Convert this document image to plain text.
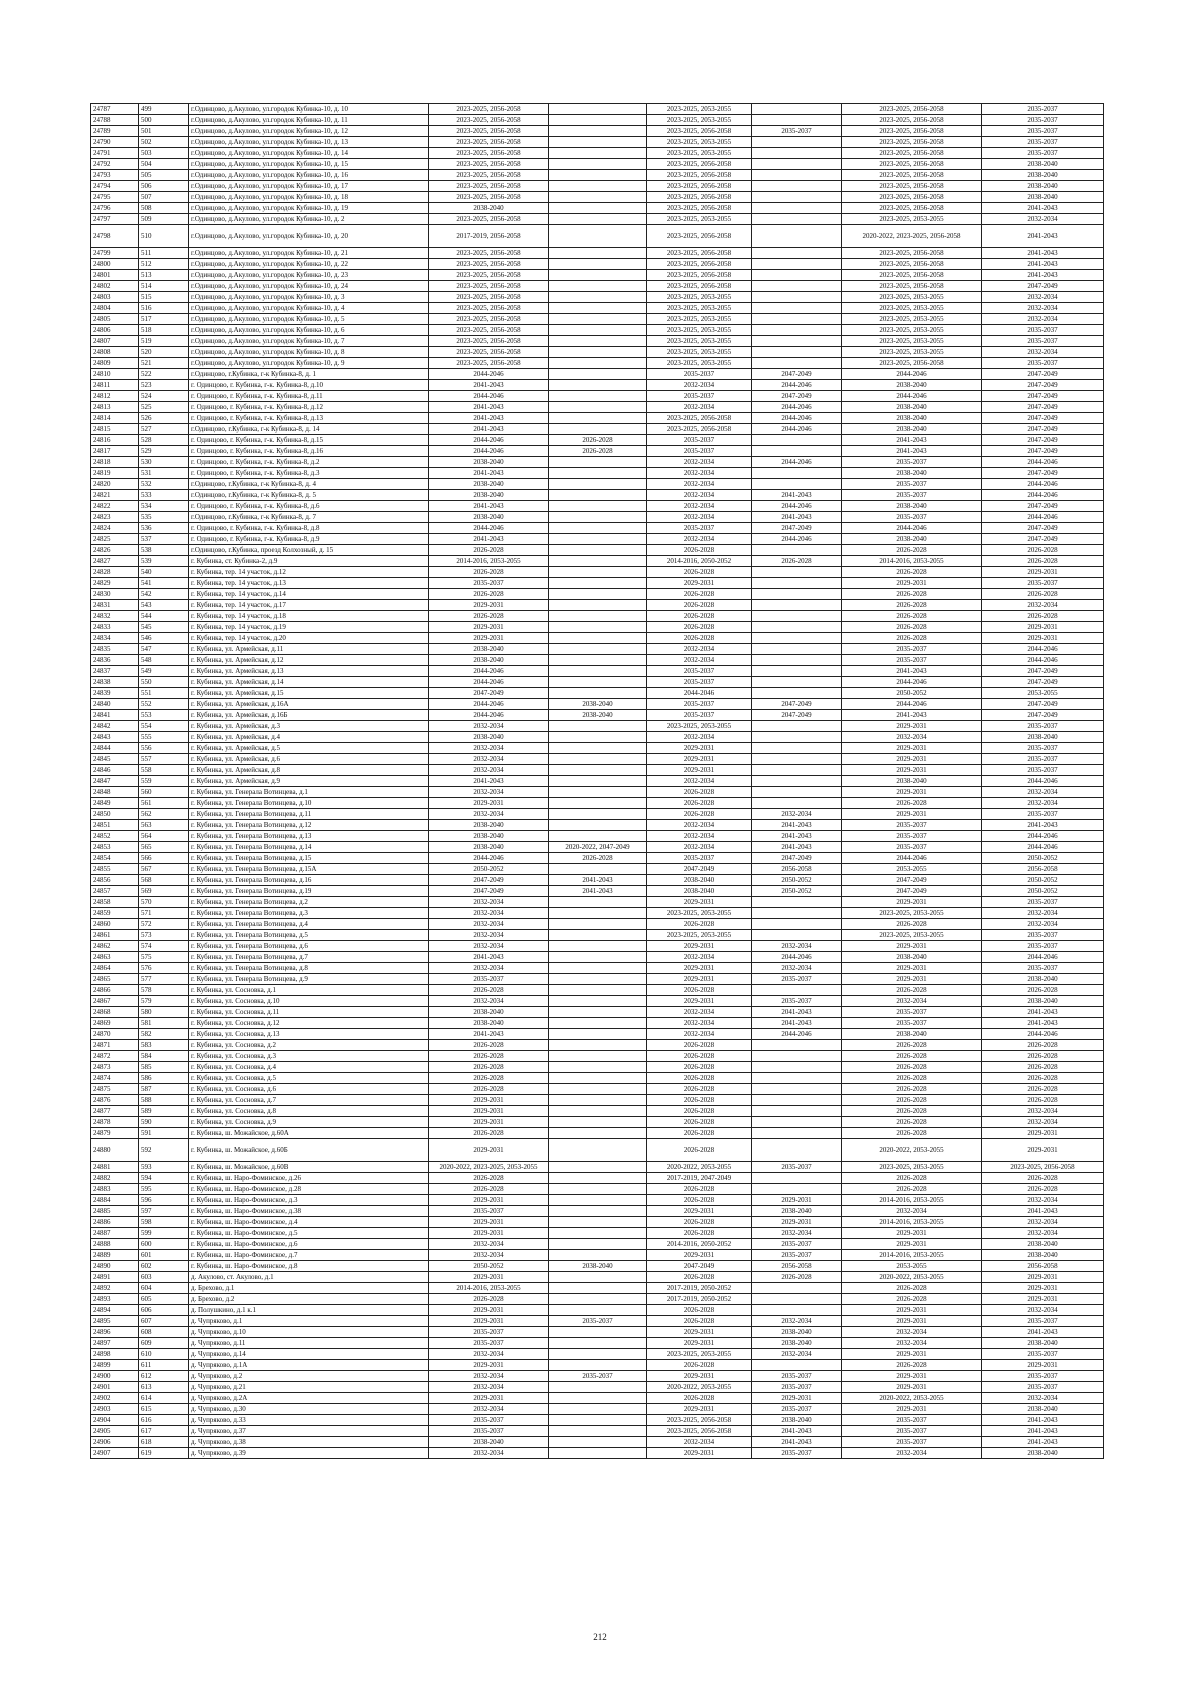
24787	499	г.Одинцово, д.Акулово, ул.городок Кубинка-10, д. 10	2023-2025, 2056-2058		2023-2025, 2053-2055		2023-2025, 2056-2058	2035-2037
24788	500	г.Одинцово, д.Акулово, ул.городок Кубинка-10, д. 11	2023-2025, 2056-2058		2023-2025, 2053-2055		2023-2025, 2056-2058	2035-2037
24789	501	г.Одинцово, д.Акулово, ул.городок Кубинка-10, д. 12	2023-2025, 2056-2058		2023-2025, 2056-2058	2035-2037	2023-2025, 2056-2058	2035-2037
24790	502	г.Одинцово, д.Акулово, ул.городок Кубинка-10, д. 13	2023-2025, 2056-2058		2023-2025, 2053-2055		2023-2025, 2056-2058	2035-2037
24791	503	г.Одинцово, д.Акулово, ул.городок Кубинка-10, д. 14	2023-2025, 2056-2058		2023-2025, 2053-2055		2023-2025, 2056-2058	2035-2037
24792	504	г.Одинцово, д.Акулово, ул.городок Кубинка-10, д. 15	2023-2025, 2056-2058		2023-2025, 2056-2058		2023-2025, 2056-2058	2038-2040
24793	505	г.Одинцово, д.Акулово, ул.городок Кубинка-10, д. 16	2023-2025, 2056-2058		2023-2025, 2056-2058		2023-2025, 2056-2058	2038-2040
24794	506	г.Одинцово, д.Акулово, ул.городок Кубинка-10, д. 17	2023-2025, 2056-2058		2023-2025, 2056-2058		2023-2025, 2056-2058	2038-2040
24795	507	г.Одинцово, д.Акулово, ул.городок Кубинка-10, д. 18	2023-2025, 2056-2058		2023-2025, 2056-2058		2023-2025, 2056-2058	2038-2040
24796	508	г.Одинцово, д.Акулово, ул.городок Кубинка-10, д. 19	2038-2040		2023-2025, 2056-2058		2023-2025, 2056-2058	2041-2043
24797	509	г.Одинцово, д.Акулово, ул.городок Кубинка-10, д. 2	2023-2025, 2056-2058		2023-2025, 2053-2055		2023-2025, 2053-2055	2032-2034
24798	510	г.Одинцово, д.Акулово, ул.городок Кубинка-10, д. 20	2017-2019, 2056-2058		2023-2025, 2056-2058		2020-2022, 2023-2025, 2056-2058	2041-2043
24799	511	г.Одинцово, д.Акулово, ул.городок Кубинка-10, д. 21	2023-2025, 2056-2058		2023-2025, 2056-2058		2023-2025, 2056-2058	2041-2043
24800	512	г.Одинцово, д.Акулово, ул.городок Кубинка-10, д. 22	2023-2025, 2056-2058		2023-2025, 2056-2058		2023-2025, 2056-2058	2041-2043
24801	513	г.Одинцово, д.Акулово, ул.городок Кубинка-10, д. 23	2023-2025, 2056-2058		2023-2025, 2056-2058		2023-2025, 2056-2058	2041-2043
24802	514	г.Одинцово, д.Акулово, ул.городок Кубинка-10, д. 24	2023-2025, 2056-2058		2023-2025, 2056-2058		2023-2025, 2056-2058	2047-2049
24803	515	г.Одинцово, д.Акулово, ул.городок Кубинка-10, д. 3	2023-2025, 2056-2058		2023-2025, 2053-2055		2023-2025, 2053-2055	2032-2034
24804	516	г.Одинцово, д.Акулово, ул.городок Кубинка-10, д. 4	2023-2025, 2056-2058		2023-2025, 2053-2055		2023-2025, 2053-2055	2032-2034
24805	517	г.Одинцово, д.Акулово, ул.городок Кубинка-10, д. 5	2023-2025, 2056-2058		2023-2025, 2053-2055		2023-2025, 2053-2055	2032-2034
24806	518	г.Одинцово, д.Акулово, ул.городок Кубинка-10, д. 6	2023-2025, 2056-2058		2023-2025, 2053-2055		2023-2025, 2053-2055	2035-2037
24807	519	г.Одинцово, д.Акулово, ул.городок Кубинка-10, д. 7	2023-2025, 2056-2058		2023-2025, 2053-2055		2023-2025, 2053-2055	2035-2037
24808	520	г.Одинцово, д.Акулово, ул.городок Кубинка-10, д. 8	2023-2025, 2056-2058		2023-2025, 2053-2055		2023-2025, 2053-2055	2032-2034
24809	521	г.Одинцово, д.Акулово, ул.городок Кубинка-10, д. 9	2023-2025, 2056-2058		2023-2025, 2053-2055		2023-2025, 2056-2058	2035-2037
24810	522	г.Одинцово, г.Кубинка, г-к Кубинка-8, д. 1	2044-2046		2035-2037	2047-2049	2044-2046	2047-2049
24811	523	г. Одинцово, г. Кубинка, г-к. Кубинка-8, д.10	2041-2043		2032-2034	2044-2046	2038-2040	2047-2049
24812	524	г. Одинцово, г. Кубинка, г-к. Кубинка-8, д.11	2044-2046		2035-2037	2047-2049	2044-2046	2047-2049
24813	525	г. Одинцово, г. Кубинка, г-к. Кубинка-8, д.12	2041-2043		2032-2034	2044-2046	2038-2040	2047-2049
24814	526	г. Одинцово, г. Кубинка, г-к. Кубинка-8, д.13	2041-2043		2023-2025, 2056-2058	2044-2046	2038-2040	2047-2049
24815	527	г.Одинцово, г.Кубинка, г-к Кубинка-8, д. 14	2041-2043		2023-2025, 2056-2058	2044-2046	2038-2040	2047-2049
24816	528	г. Одинцово, г. Кубинка, г-к. Кубинка-8, д.15	2044-2046	2026-2028	2035-2037		2041-2043	2047-2049
24817	529	г. Одинцово, г. Кубинка, г-к. Кубинка-8, д.16	2044-2046	2026-2028	2035-2037		2041-2043	2047-2049
24818	530	г. Одинцово, г. Кубинка, г-к. Кубинка-8, д.2	2038-2040		2032-2034	2044-2046	2035-2037	2044-2046
24819	531	г. Одинцово, г. Кубинка, г-к. Кубинка-8, д.3	2041-2043		2032-2034		2038-2040	2047-2049
24820	532	г.Одинцово, г.Кубинка, г-к Кубинка-8, д. 4	2038-2040		2032-2034		2035-2037	2044-2046
24821	533	г.Одинцово, г.Кубинка, г-к Кубинка-8, д. 5	2038-2040		2032-2034	2041-2043	2035-2037	2044-2046
24822	534	г. Одинцово, г. Кубинка, г-к. Кубинка-8, д.6	2041-2043		2032-2034	2044-2046	2038-2040	2047-2049
24823	535	г.Одинцово, г.Кубинка, г-к Кубинка-8, д. 7	2038-2040		2032-2034	2041-2043	2035-2037	2044-2046
24824	536	г. Одинцово, г. Кубинка, г-к. Кубинка-8, д.8	2044-2046		2035-2037	2047-2049	2044-2046	2047-2049
24825	537	г. Одинцово, г. Кубинка, г-к. Кубинка-8, д.9	2041-2043		2032-2034	2044-2046	2038-2040	2047-2049
24826	538	г.Одинцово, г.Кубинка, проезд Колхозный, д. 15	2026-2028		2026-2028		2026-2028	2026-2028
24827	539	г. Кубинка, ст. Кубинка-2, д.9	2014-2016, 2053-2055		2014-2016, 2050-2052	2026-2028	2014-2016, 2053-2055	2026-2028
24828	540	г. Кубинка, тер. 14 участок, д.12	2026-2028		2026-2028		2026-2028	2029-2031
24829	541	г. Кубинка, тер. 14 участок, д.13	2035-2037		2029-2031		2029-2031	2035-2037
24830	542	г. Кубинка, тер. 14 участок, д.14	2026-2028		2026-2028		2026-2028	2026-2028
24831	543	г. Кубинка, тер. 14 участок, д.17	2029-2031		2026-2028		2026-2028	2032-2034
24832	544	г. Кубинка, тер. 14 участок, д.18	2026-2028		2026-2028		2026-2028	2026-2028
24833	545	г. Кубинка, тер. 14 участок, д.19	2029-2031		2026-2028		2026-2028	2029-2031
24834	546	г. Кубинка, тер. 14 участок, д.20	2029-2031		2026-2028		2026-2028	2029-2031
24835	547	г. Кубинка, ул. Армейская, д.11	2038-2040		2032-2034		2035-2037	2044-2046
24836	548	г. Кубинка, ул. Армейская, д.12	2038-2040		2032-2034		2035-2037	2044-2046
24837	549	г. Кубинка, ул. Армейская, д.13	2044-2046		2035-2037		2041-2043	2047-2049
24838	550	г. Кубинка, ул. Армейская, д.14	2044-2046		2035-2037		2044-2046	2047-2049
24839	551	г. Кубинка, ул. Армейская, д.15	2047-2049		2044-2046		2050-2052	2053-2055
24840	552	г. Кубинка, ул. Армейская, д.16А	2044-2046	2038-2040	2035-2037	2047-2049	2044-2046	2047-2049
24841	553	г. Кубинка, ул. Армейская, д.16Б	2044-2046	2038-2040	2035-2037	2047-2049	2041-2043	2047-2049
24842	554	г. Кубинка, ул. Армейская, д.3	2032-2034		2023-2025, 2053-2055		2029-2031	2035-2037
24843	555	г. Кубинка, ул. Армейская, д.4	2038-2040		2032-2034		2032-2034	2038-2040
24844	556	г. Кубинка, ул. Армейская, д.5	2032-2034		2029-2031		2029-2031	2035-2037
24845	557	г. Кубинка, ул. Армейская, д.6	2032-2034		2029-2031		2029-2031	2035-2037
24846	558	г. Кубинка, ул. Армейская, д.8	2032-2034		2029-2031		2029-2031	2035-2037
24847	559	г. Кубинка, ул. Армейская, д.9	2041-2043		2032-2034		2038-2040	2044-2046
24848	560	г. Кубинка, ул. Генерала Вотинцева, д.1	2032-2034		2026-2028		2029-2031	2032-2034
24849	561	г. Кубинка, ул. Генерала Вотинцева, д.10	2029-2031		2026-2028		2026-2028	2032-2034
24850	562	г. Кубинка, ул. Генерала Вотинцева, д.11	2032-2034		2026-2028	2032-2034	2029-2031	2035-2037
24851	563	г. Кубинка, ул. Генерала Вотинцева, д.12	2038-2040		2032-2034	2041-2043	2035-2037	2041-2043
24852	564	г. Кубинка, ул. Генерала Вотинцева, д.13	2038-2040		2032-2034	2041-2043	2035-2037	2044-2046
24853	565	г. Кубинка, ул. Генерала Вотинцева, д.14	2038-2040	2020-2022, 2047-2049	2032-2034	2041-2043	2035-2037	2044-2046
24854	566	г. Кубинка, ул. Генерала Вотинцева, д.15	2044-2046	2026-2028	2035-2037	2047-2049	2044-2046	2050-2052
24855	567	г. Кубинка, ул. Генерала Вотинцева, д.15А	2050-2052		2047-2049	2056-2058	2053-2055	2056-2058
24856	568	г. Кубинка, ул. Генерала Вотинцева, д.16	2047-2049	2041-2043	2038-2040	2050-2052	2047-2049	2050-2052
24857	569	г. Кубинка, ул. Генерала Вотинцева, д.19	2047-2049	2041-2043	2038-2040	2050-2052	2047-2049	2050-2052
24858	570	г. Кубинка, ул. Генерала Вотинцева, д.2	2032-2034		2029-2031		2029-2031	2035-2037
24859	571	г. Кубинка, ул. Генерала Вотинцева, д.3	2032-2034		2023-2025, 2053-2055		2023-2025, 2053-2055	2032-2034
24860	572	г. Кубинка, ул. Генерала Вотинцева, д.4	2032-2034		2026-2028		2026-2028	2032-2034
24861	573	г. Кубинка, ул. Генерала Вотинцева, д.5	2032-2034		2023-2025, 2053-2055		2023-2025, 2053-2055	2035-2037
24862	574	г. Кубинка, ул. Генерала Вотинцева, д.6	2032-2034		2029-2031	2032-2034	2029-2031	2035-2037
24863	575	г. Кубинка, ул. Генерала Вотинцева, д.7	2041-2043		2032-2034	2044-2046	2038-2040	2044-2046
24864	576	г. Кубинка, ул. Генерала Вотинцева, д.8	2032-2034		2029-2031	2032-2034	2029-2031	2035-2037
24865	577	г. Кубинка, ул. Генерала Вотинцева, д.9	2035-2037		2029-2031	2035-2037	2029-2031	2038-2040
24866	578	г. Кубинка, ул. Сосновка, д.1	2026-2028		2026-2028		2026-2028	2026-2028
24867	579	г. Кубинка, ул. Сосновка, д.10	2032-2034		2029-2031	2035-2037	2032-2034	2038-2040
24868	580	г. Кубинка, ул. Сосновка, д.11	2038-2040		2032-2034	2041-2043	2035-2037	2041-2043
24869	581	г. Кубинка, ул. Сосновка, д.12	2038-2040		2032-2034	2041-2043	2035-2037	2041-2043
24870	582	г. Кубинка, ул. Сосновка, д.13	2041-2043		2032-2034	2044-2046	2038-2040	2044-2046
24871	583	г. Кубинка, ул. Сосновка, д.2	2026-2028		2026-2028		2026-2028	2026-2028
24872	584	г. Кубинка, ул. Сосновка, д.3	2026-2028		2026-2028		2026-2028	2026-2028
24873	585	г. Кубинка, ул. Сосновка, д.4	2026-2028		2026-2028		2026-2028	2026-2028
24874	586	г. Кубинка, ул. Сосновка, д.5	2026-2028		2026-2028		2026-2028	2026-2028
24875	587	г. Кубинка, ул. Сосновка, д.6	2026-2028		2026-2028		2026-2028	2026-2028
24876	588	г. Кубинка, ул. Сосновка, д.7	2029-2031		2026-2028		2026-2028	2026-2028
24877	589	г. Кубинка, ул. Сосновка, д.8	2029-2031		2026-2028		2026-2028	2032-2034
24878	590	г. Кубинка, ул. Сосновка, д.9	2029-2031		2026-2028		2026-2028	2032-2034
24879	591	г. Кубинка, ш. Можайское, д.60А	2026-2028		2026-2028		2026-2028	2029-2031
24880	592	г. Кубинка, ш. Можайское, д.60Б	2029-2031		2026-2028		2020-2022, 2053-2055	2029-2031
24881	593	г. Кубинка, ш. Можайское, д.60В	2020-2022, 2023-2025, 2053-2055		2020-2022, 2053-2055	2035-2037	2023-2025, 2053-2055	2023-2025, 2056-2058
24882	594	г. Кубинка, ш. Наро-Фоминское, д.26	2026-2028		2017-2019, 2047-2049		2026-2028	2026-2028
24883	595	г. Кубинка, ш. Наро-Фоминское, д.28	2026-2028		2026-2028		2026-2028	2026-2028
24884	596	г. Кубинка, ш. Наро-Фоминское, д.3	2029-2031		2026-2028	2029-2031	2014-2016, 2053-2055	2032-2034
24885	597	г. Кубинка, ш. Наро-Фоминское, д.38	2035-2037		2029-2031	2038-2040	2032-2034	2041-2043
24886	598	г. Кубинка, ш. Наро-Фоминское, д.4	2029-2031		2026-2028	2029-2031	2014-2016, 2053-2055	2032-2034
24887	599	г. Кубинка, ш. Наро-Фоминское, д.5	2029-2031		2026-2028	2032-2034	2029-2031	2032-2034
24888	600	г. Кубинка, ш. Наро-Фоминское, д.6	2032-2034		2014-2016, 2050-2052	2035-2037	2029-2031	2038-2040
24889	601	г. Кубинка, ш. Наро-Фоминское, д.7	2032-2034		2029-2031	2035-2037	2014-2016, 2053-2055	2038-2040
24890	602	г. Кубинка, ш. Наро-Фоминское, д.8	2050-2052	2038-2040	2047-2049	2056-2058	2053-2055	2056-2058
24891	603	д. Акулово, ст. Акулово, д.1	2029-2031		2026-2028	2026-2028	2020-2022, 2053-2055	2029-2031
24892	604	д. Брехово, д.1	2014-2016, 2053-2055		2017-2019, 2050-2052		2026-2028	2029-2031
24893	605	д. Брехово, д.2	2026-2028		2017-2019, 2050-2052		2026-2028	2029-2031
24894	606	д. Полушкино, д.1 к.1	2029-2031		2026-2028		2029-2031	2032-2034
24895	607	д. Чупряково, д.1	2029-2031	2035-2037	2026-2028	2032-2034	2029-2031	2035-2037
24896	608	д. Чупряково, д.10	2035-2037		2029-2031	2038-2040	2032-2034	2041-2043
24897	609	д. Чупряково, д.11	2035-2037		2029-2031	2038-2040	2032-2034	2038-2040
24898	610	д. Чупряково, д.14	2032-2034		2023-2025, 2053-2055	2032-2034	2029-2031	2035-2037
24899	611	д. Чупряково, д.1А	2029-2031		2026-2028		2026-2028	2029-2031
24900	612	д. Чупряково, д.2	2032-2034	2035-2037	2029-2031	2035-2037	2029-2031	2035-2037
24901	613	д. Чупряково, д.21	2032-2034		2020-2022, 2053-2055	2035-2037	2029-2031	2035-2037
24902	614	д. Чупряково, д.2А	2029-2031		2026-2028	2029-2031	2020-2022, 2053-2055	2032-2034
24903	615	д. Чупряково, д.30	2032-2034		2029-2031	2035-2037	2029-2031	2038-2040
24904	616	д. Чупряково, д.33	2035-2037		2023-2025, 2056-2058	2038-2040	2035-2037	2041-2043
24905	617	д. Чупряково, д.37	2035-2037		2023-2025, 2056-2058	2041-2043	2035-2037	2041-2043
24906	618	д. Чупряково, д.38	2038-2040		2032-2034	2041-2043	2035-2037	2041-2043
24907	619	д. Чупряково, д.39	2032-2034		2029-2031	2035-2037	2032-2034	2038-2040
212
